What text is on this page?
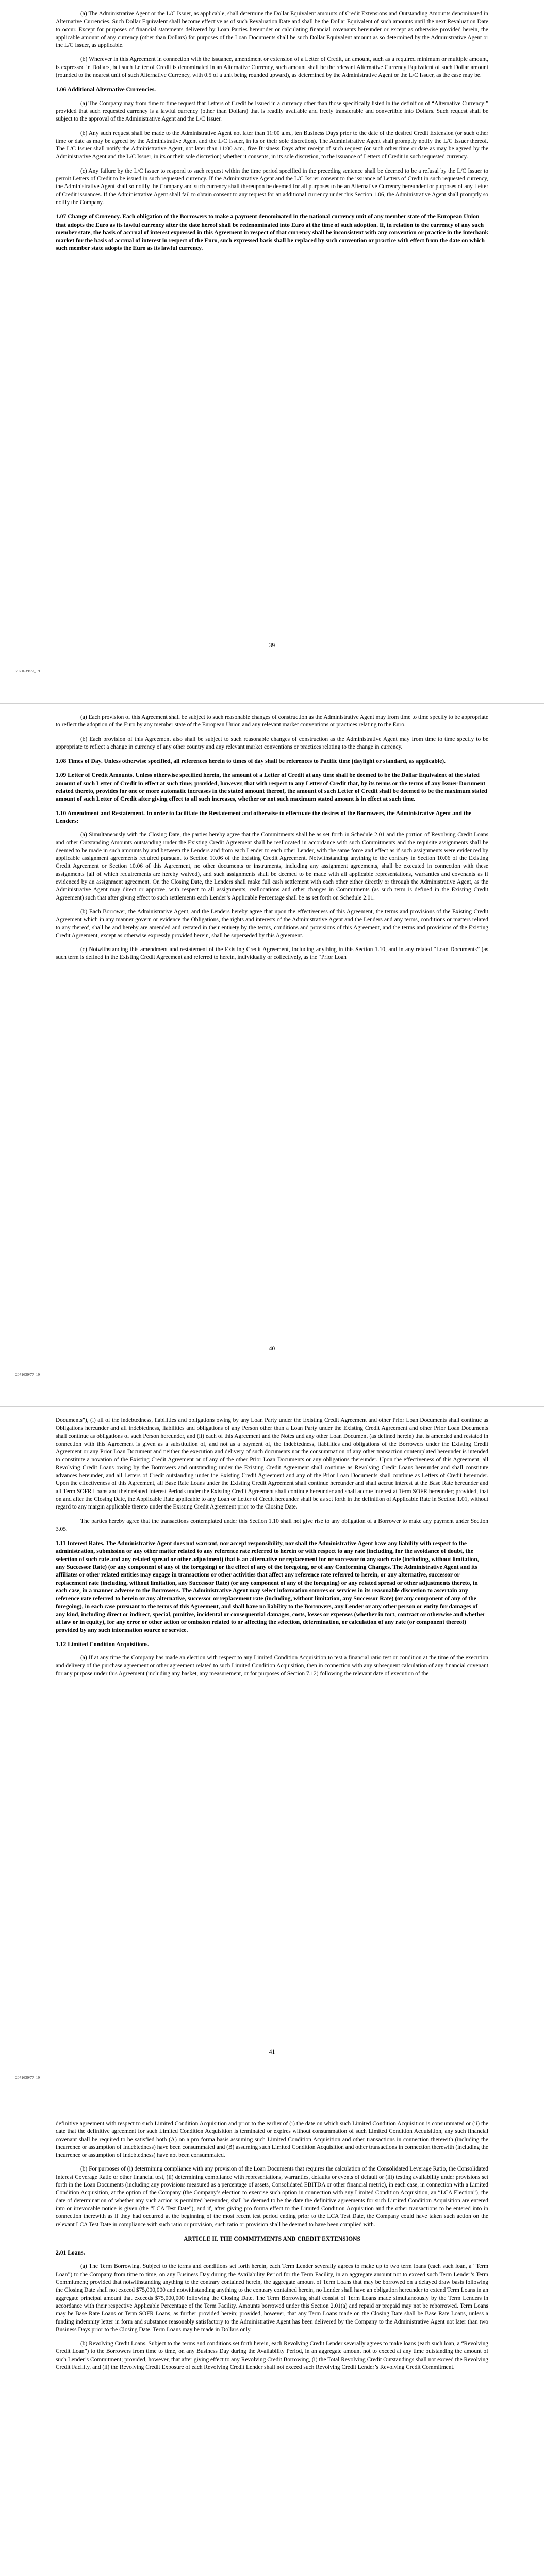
(a) The Administrative Agent or the L/C Issuer, as applicable, shall determine the Dollar Equivalent amounts of Credit Extensions and Outstanding Amounts denominated in Alternative Currencies. Such Dollar Equivalent shall become effective as of such Revaluation Date and shall be the Dollar Equivalent of such amounts until the next Revaluation Date to occur. Except for purposes of financial statements delivered by Loan Parties hereunder or calculating financial covenants hereunder or except as otherwise provided herein, the applicable amount of any currency (other than Dollars) for purposes of the Loan Documents shall be such Dollar Equivalent amount as so determined by the Administrative Agent or the L/C Issuer, as applicable.

(b) Wherever in this Agreement in connection with the issuance, amendment or extension of a Letter of Credit, an amount, such as a required minimum or multiple amount, is expressed in Dollars, but such Letter of Credit is denominated in an Alternative Currency, such amount shall be the relevant Alternative Currency Equivalent of such Dollar amount (rounded to the nearest unit of such Alternative Currency, with 0.5 of a unit being rounded upward), as determined by the Administrative Agent or the L/C Issuer, as the case may be.

1.06 Additional Alternative Currencies.

(a) The Company may from time to time request that Letters of Credit be issued in a currency other than those specifically listed in the definition of “Alternative Currency;” provided that such requested currency is a lawful currency (other than Dollars) that is readily available and freely transferable and convertible into Dollars. Such request shall be subject to the approval of the Administrative Agent and the L/C Issuer.

(b) Any such request shall be made to the Administrative Agent not later than 11:00 a.m., ten Business Days prior to the date of the desired Credit Extension (or such other time or date as may be agreed by the Administrative Agent and the L/C Issuer, in its or their sole discretion). The Administrative Agent shall promptly notify the L/C Issuer thereof. The L/C Issuer shall notify the Administrative Agent, not later than 11:00 a.m., five Business Days after receipt of such request (or such other time or date as may be agreed by the Administrative Agent and the L/C Issuer, in its or their sole discretion) whether it consents, in its sole discretion, to the issuance of Letters of Credit in such requested currency.

(c) Any failure by the L/C Issuer to respond to such request within the time period specified in the preceding sentence shall be deemed to be a refusal by the L/C Issuer to permit Letters of Credit to be issued in such requested currency. If the Administrative Agent and the L/C Issuer consent to the issuance of Letters of Credit in such requested currency, the Administrative Agent shall so notify the Company and such currency shall thereupon be deemed for all purposes to be an Alternative Currency hereunder for purposes of any Letter of Credit issuances. If the Administrative Agent shall fail to obtain consent to any request for an additional currency under this Section 1.06, the Administrative Agent shall promptly so notify the Company.

1.07 Change of Currency. Each obligation of the Borrowers to make a payment denominated in the national currency unit of any member state of the European Union that adopts the Euro as its lawful currency after the date hereof shall be redenominated into Euro at the time of such adoption. If, in relation to the currency of any such member state, the basis of accrual of interest expressed in this Agreement in respect of that currency shall be inconsistent with any convention or practice in the interbank market for the basis of accrual of interest in respect of the Euro, such expressed basis shall be replaced by such convention or practice with effect from the date on which such member state adopts the Euro as its lawful currency.

39
2071639/77_19

(a) Each provision of this Agreement shall be subject to such reasonable changes of construction as the Administrative Agent may from time to time specify to be appropriate to reflect the adoption of the Euro by any member state of the European Union and any relevant market conventions or practices relating to the Euro.

(b) Each provision of this Agreement also shall be subject to such reasonable changes of construction as the Administrative Agent may from time to time specify to be appropriate to reflect a change in currency of any other country and any relevant market conventions or practices relating to the change in currency.

1.08 Times of Day. Unless otherwise specified, all references herein to times of day shall be references to Pacific time (daylight or standard, as applicable).

1.09 Letter of Credit Amounts. Unless otherwise specified herein, the amount of a Letter of Credit at any time shall be deemed to be the Dollar Equivalent of the stated amount of such Letter of Credit in effect at such time; provided, however, that with respect to any Letter of Credit that, by its terms or the terms of any Issuer Document related thereto, provides for one or more automatic increases in the stated amount thereof, the amount of such Letter of Credit shall be deemed to be the maximum stated amount of such Letter of Credit after giving effect to all such increases, whether or not such maximum stated amount is in effect at such time.

1.10 Amendment and Restatement. In order to facilitate the Restatement and otherwise to effectuate the desires of the Borrowers, the Administrative Agent and the Lenders:

(a) Simultaneously with the Closing Date, the parties hereby agree that the Commitments shall be as set forth in Schedule 2.01 and the portion of Revolving Credit Loans and other Outstanding Amounts outstanding under the Existing Credit Agreement shall be reallocated in accordance with such Commitments and the requisite assignments shall be deemed to be made in such amounts by and between the Lenders and from each Lender to each other Lender, with the same force and effect as if such assignments were evidenced by applicable assignment agreements required pursuant to Section 10.06 of the Existing Credit Agreement. Notwithstanding anything to the contrary in Section 10.06 of the Existing Credit Agreement or Section 10.06 of this Agreement, no other documents or instruments, including any assignment agreements, shall be executed in connection with these assignments (all of which requirements are hereby waived), and such assignments shall be deemed to be made with all applicable representations, warranties and covenants as if evidenced by an assignment agreement. On the Closing Date, the Lenders shall make full cash settlement with each other either directly or through the Administrative Agent, as the Administrative Agent may direct or approve, with respect to all assignments, reallocations and other changes in Commitments (as such term is defined in the Existing Credit Agreement) such that after giving effect to such settlements each Lender’s Applicable Percentage shall be as set forth on Schedule 2.01.

(b) Each Borrower, the Administrative Agent, and the Lenders hereby agree that upon the effectiveness of this Agreement, the terms and provisions of the Existing Credit Agreement which in any manner govern or evidence the Obligations, the rights and interests of the Administrative Agent and the Lenders and any terms, conditions or matters related to any thereof, shall be and hereby are amended and restated in their entirety by the terms, conditions and provisions of this Agreement, and the terms and provisions of the Existing Credit Agreement, except as otherwise expressly provided herein, shall be superseded by this Agreement.

(c) Notwithstanding this amendment and restatement of the Existing Credit Agreement, including anything in this Section 1.10, and in any related “Loan Documents” (as such term is defined in the Existing Credit Agreement and referred to herein, individually or collectively, as the “Prior Loan

40
2071639/77_19

Documents”), (i) all of the indebtedness, liabilities and obligations owing by any Loan Party under the Existing Credit Agreement and other Prior Loan Documents shall continue as Obligations hereunder and all indebtedness, liabilities and obligations of any Person other than a Loan Party under the Existing Credit Agreement and other Prior Loan Documents shall continue as obligations of such Person hereunder, and (ii) each of this Agreement and the Notes and any other Loan Document (as defined herein) that is amended and restated in connection with this Agreement is given as a substitution of, and not as a payment of, the indebtedness, liabilities and obligations of the Borrowers under the Existing Credit Agreement or any Prior Loan Document and neither the execution and delivery of such documents nor the consummation of any other transaction contemplated hereunder is intended to constitute a novation of the Existing Credit Agreement or of any of the other Prior Loan Documents or any obligations thereunder. Upon the effectiveness of this Agreement, all Revolving Credit Loans owing by the Borrowers and outstanding under the Existing Credit Agreement shall continue as Revolving Credit Loans hereunder and shall constitute advances hereunder, and all Letters of Credit outstanding under the Existing Credit Agreement and any of the Prior Loan Documents shall continue as Letters of Credit hereunder. Upon the effectiveness of this Agreement, all Base Rate Loans under the Existing Credit Agreement shall continue hereunder and shall accrue interest at the Base Rate hereunder and all Term SOFR Loans and their related Interest Periods under the Existing Credit Agreement shall continue hereunder and shall accrue interest at Term SOFR hereunder; provided, that on and after the Closing Date, the Applicable Rate applicable to any Loan or Letter of Credit hereunder shall be as set forth in the definition of Applicable Rate in Section 1.01, without regard to any margin applicable thereto under the Existing Credit Agreement prior to the Closing Date.

The parties hereby agree that the transactions contemplated under this Section 1.10 shall not give rise to any obligation of a Borrower to make any payment under Section 3.05.

1.11 Interest Rates. The Administrative Agent does not warrant, nor accept responsibility, nor shall the Administrative Agent have any liability with respect to the administration, submission or any other matter related to any reference rate referred to herein or with respect to any rate (including, for the avoidance of doubt, the selection of such rate and any related spread or other adjustment) that is an alternative or replacement for or successor to any such rate (including, without limitation, any Successor Rate) (or any component of any of the foregoing) or the effect of any of the foregoing, or of any Conforming Changes. The Administrative Agent and its affiliates or other related entities may engage in transactions or other activities that affect any reference rate referred to herein, or any alternative, successor or replacement rate (including, without limitation, any Successor Rate) (or any component of any of the foregoing) or any related spread or other adjustments thereto, in each case, in a manner adverse to the Borrowers. The Administrative Agent may select information sources or services in its reasonable discretion to ascertain any reference rate referred to herein or any alternative, successor or replacement rate (including, without limitation, any Successor Rate) (or any component of any of the foregoing), in each case pursuant to the terms of this Agreement, and shall have no liability to the Borrowers, any Lender or any other person or entity for damages of any kind, including direct or indirect, special, punitive, incidental or consequential damages, costs, losses or expenses (whether in tort, contract or otherwise and whether at law or in equity), for any error or other action or omission related to or affecting the selection, determination, or calculation of any rate (or component thereof) provided by any such information source or service.

1.12 Limited Condition Acquisitions.

(a) If at any time the Company has made an election with respect to any Limited Condition Acquisition to test a financial ratio test or condition at the time of the execution and delivery of the purchase agreement or other agreement related to such Limited Condition Acquisition, then in connection with any subsequent calculation of any financial covenant for any purpose under this Agreement (including any basket, any measurement, or for purposes of Section 7.12) following the relevant date of execution of the

41
2071639/77_19

definitive agreement with respect to such Limited Condition Acquisition and prior to the earlier of (i) the date on which such Limited Condition Acquisition is consummated or (ii) the date that the definitive agreement for such Limited Condition Acquisition is terminated or expires without consummation of such Limited Condition Acquisition, any such financial covenant shall be required to be satisfied both (A) on a pro forma basis assuming such Limited Condition Acquisition and other transactions in connection therewith (including the incurrence or assumption of Indebtedness) have been consummated and (B) assuming such Limited Condition Acquisition and other transactions in connection therewith (including the incurrence or assumption of Indebtedness) have not been consummated.

(b) For purposes of (i) determining compliance with any provision of the Loan Documents that requires the calculation of the Consolidated Leverage Ratio, the Consolidated Interest Coverage Ratio or other financial test, (ii) determining compliance with representations, warranties, defaults or events of default or (iii) testing availability under provisions set forth in the Loan Documents (including any provisions measured as a percentage of assets, Consolidated EBITDA or other financial metric), in each case, in connection with a Limited Condition Acquisition, at the option of the Company (the Company’s election to exercise such option in connection with any Limited Condition Acquisition, an “LCA Election”), the date of determination of whether any such action is permitted hereunder, shall be deemed to be the date the definitive agreements for such Limited Condition Acquisition are entered into or irrevocable notice is given (the “LCA Test Date”), and if, after giving pro forma effect to the Limited Condition Acquisition and the other transactions to be entered into in connection therewith as if they had occurred at the beginning of the most recent test period ending prior to the LCA Test Date, the Company could have taken such action on the relevant LCA Test Date in compliance with such ratio or provision, such ratio or provision shall be deemed to have been complied with.

ARTICLE II. THE COMMITMENTS AND CREDIT EXTENSIONS

2.01 Loans.

(a) The Term Borrowing. Subject to the terms and conditions set forth herein, each Term Lender severally agrees to make up to two term loans (each such loan, a “Term Loan”) to the Company from time to time, on any Business Day during the Availability Period for the Term Facility, in an aggregate amount not to exceed such Term Lender’s Term Commitment; provided that notwithstanding anything to the contrary contained herein, the aggregate amount of Term Loans that may be borrowed on a delayed draw basis following the Closing Date shall not exceed $75,000,000 and notwithstanding anything to the contrary contained herein, no Lender shall have an obligation hereunder to extend Term Loans in an aggregate principal amount that exceeds $75,000,000 following the Closing Date. The Term Borrowing shall consist of Term Loans made simultaneously by the Term Lenders in accordance with their respective Applicable Percentage of the Term Facility. Amounts borrowed under this Section 2.01(a) and repaid or prepaid may not be reborrowed. Term Loans may be Base Rate Loans or Term SOFR Loans, as further provided herein; provided, however, that any Term Loans made on the Closing Date shall be Base Rate Loans, unless a funding indemnity letter in form and substance reasonably satisfactory to the Administrative Agent has been delivered by the Company to the Administrative Agent not later than two Business Days prior to the Closing Date. Term Loans may be made in Dollars only.

(b) Revolving Credit Loans. Subject to the terms and conditions set forth herein, each Revolving Credit Lender severally agrees to make loans (each such loan, a “Revolving Credit Loan”) to the Borrowers from time to time, on any Business Day during the Availability Period, in an aggregate amount not to exceed at any time outstanding the amount of such Lender’s Commitment; provided, however, that after giving effect to any Revolving Credit Borrowing, (i) the Total Revolving Credit Outstandings shall not exceed the Revolving Credit Facility, and (ii) the Revolving Credit Exposure of each Revolving Credit Lender shall not exceed such Revolving Credit Lender’s Revolving Credit Commitment.
